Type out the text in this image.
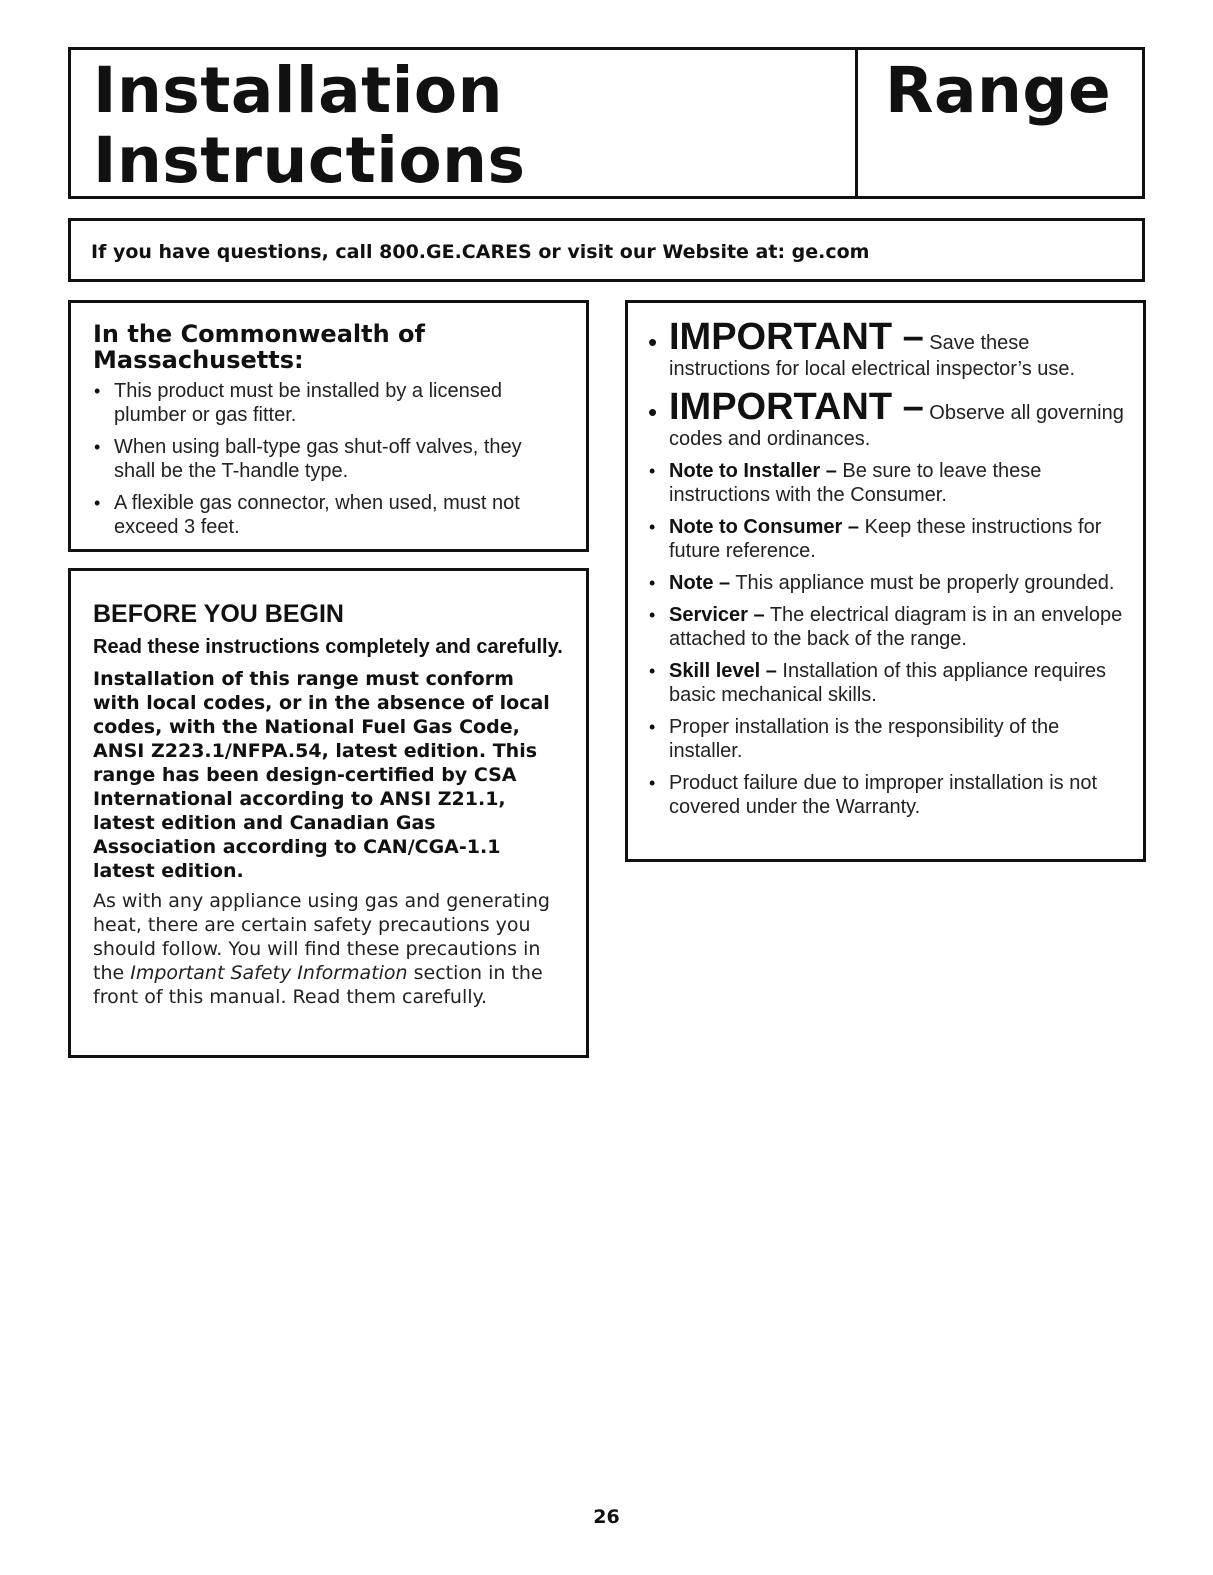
Installation
Instructions
Range
If you have questions, call 800.GE.CARES or visit our Website at: ge.com
In the Commonwealth of
Massachusetts:
• This product must be installed by a licensed plumber or gas fitter.
• When using ball-type gas shut-off valves, they shall be the T-handle type.
• A flexible gas connector, when used, must not exceed 3 feet.
BEFORE YOU BEGIN

Read these instructions completely and carefully.

Installation of this range must conform with local codes, or in the absence of local codes, with the National Fuel Gas Code, ANSI Z223.1/NFPA.54, latest edition. This range has been design-certified by CSA International according to ANSI Z21.1, latest edition and Canadian Gas Association according to CAN/CGA-1.1 latest edition.

As with any appliance using gas and generating heat, there are certain safety precautions you should follow. You will find these precautions in the Important Safety Information section in the front of this manual. Read them carefully.

• IMPORTANT – Save these
instructions for local electrical inspector’s use.
• IMPORTANT – Observe all governing
codes and ordinances.
• Note to Installer – Be sure to leave these instructions with the Consumer.
• Note to Consumer – Keep these instructions for future reference.
• Note – This appliance must be properly grounded.
• Servicer – The electrical diagram is in an envelope attached to the back of the range.
• Skill level – Installation of this appliance requires basic mechanical skills.
• Proper installation is the responsibility of the installer.
• Product failure due to improper installation is not covered under the Warranty.
26
